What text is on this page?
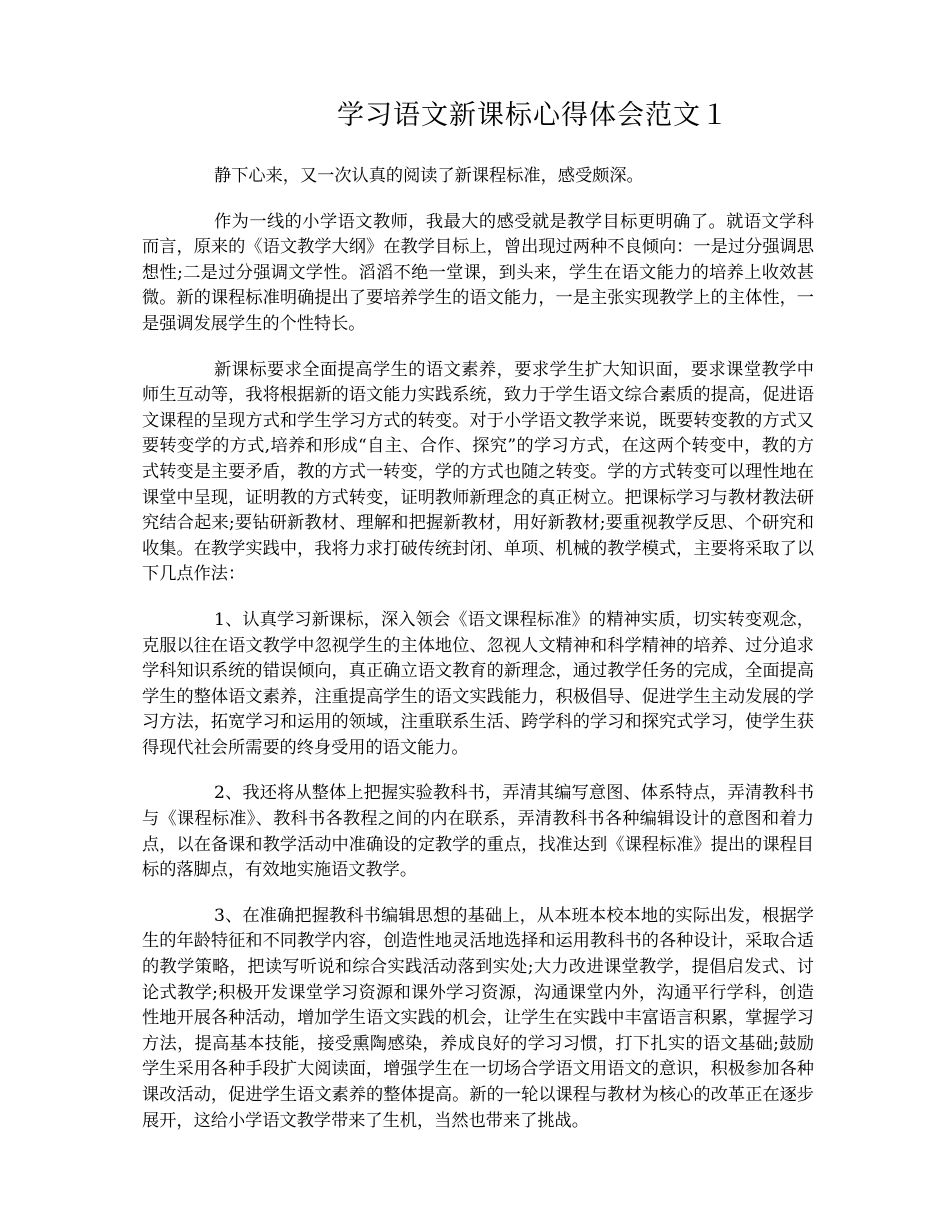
学习语文新课标心得体会范文１

静下心来，又一次认真的阅读了新课程标准，感受颇深。

作为一线的小学语文教师，我最大的感受就是教学目标更明确了。就语文学科而言，原来的《语文教学大纲》在教学目标上，曾出现过两种不良倾向：一是过分强调思想性;二是过分强调文学性。滔滔不绝一堂课，到头来，学生在语文能力的培养上收效甚微。新的课程标准明确提出了要培养学生的语文能力，一是主张实现教学上的主体性，一是强调发展学生的个性特长。

新课标要求全面提高学生的语文素养，要求学生扩大知识面，要求课堂教学中师生互动等，我将根据新的语文能力实践系统，致力于学生语文综合素质的提高，促进语文课程的呈现方式和学生学习方式的转变。对于小学语文教学来说，既要转变教的方式又要转变学的方式,培养和形成“自主、合作、探究”的学习方式，在这两个转变中，教的方式转变是主要矛盾，教的方式一转变，学的方式也随之转变。学的方式转变可以理性地在课堂中呈现，证明教的方式转变，证明教师新理念的真正树立。把课标学习与教材教法研究结合起来;要钻研新教材、理解和把握新教材，用好新教材;要重视教学反思、个研究和收集。在教学实践中，我将力求打破传统封闭、单项、机械的教学模式，主要将采取了以下几点作法：

1、认真学习新课标，深入领会《语文课程标准》的精神实质，切实转变观念，克服以往在语文教学中忽视学生的主体地位、忽视人文精神和科学精神的培养、过分追求学科知识系统的错误倾向，真正确立语文教育的新理念，通过教学任务的完成，全面提高学生的整体语文素养，注重提高学生的语文实践能力，积极倡导、促进学生主动发展的学习方法，拓宽学习和运用的领域，注重联系生活、跨学科的学习和探究式学习，使学生获得现代社会所需要的终身受用的语文能力。

2、我还将从整体上把握实验教科书，弄清其编写意图、体系特点，弄清教科书与《课程标准》、教科书各教程之间的内在联系，弄清教科书各种编辑设计的意图和着力点，以在备课和教学活动中准确设的定教学的重点，找准达到《课程标准》提出的课程目标的落脚点，有效地实施语文教学。

3、在准确把握教科书编辑思想的基础上，从本班本校本地的实际出发，根据学生的年龄特征和不同教学内容，创造性地灵活地选择和运用教科书的各种设计，采取合适的教学策略，把读写听说和综合实践活动落到实处;大力改进课堂教学，提倡启发式、讨论式教学;积极开发课堂学习资源和课外学习资源，沟通课堂内外，沟通平行学科，创造性地开展各种活动，增加学生语文实践的机会，让学生在实践中丰富语言积累，掌握学习方法，提高基本技能，接受熏陶感染，养成良好的学习习惯，打下扎实的语文基础;鼓励学生采用各种手段扩大阅读面，增强学生在一切场合学语文用语文的意识，积极参加各种课改活动，促进学生语文素养的整体提高。新的一轮以课程与教材为核心的改革正在逐步展开，这给小学语文教学带来了生机，当然也带来了挑战。
